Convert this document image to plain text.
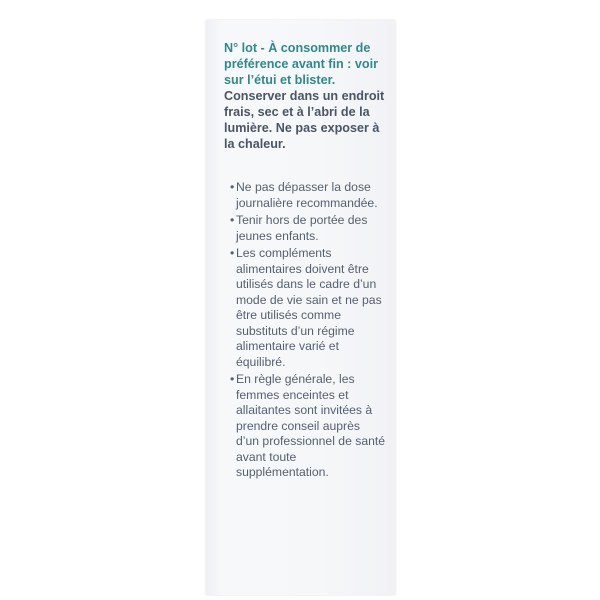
N° lot - À consommer de préférence avant fin : voir sur l’étui et blister.

Conserver dans un endroit frais, sec et à l’abri de la lumière. Ne pas exposer à la chaleur.

• Ne pas dépasser la dose journalière recommandée.
• Tenir hors de portée des jeunes enfants.
• Les compléments alimentaires doivent être utilisés dans le cadre d’un mode de vie sain et ne pas être utilisés comme substituts d’un régime alimentaire varié et équilibré.
• En règle générale, les femmes enceintes et allaitantes sont invitées à prendre conseil auprès d’un professionnel de santé avant toute supplémentation.
